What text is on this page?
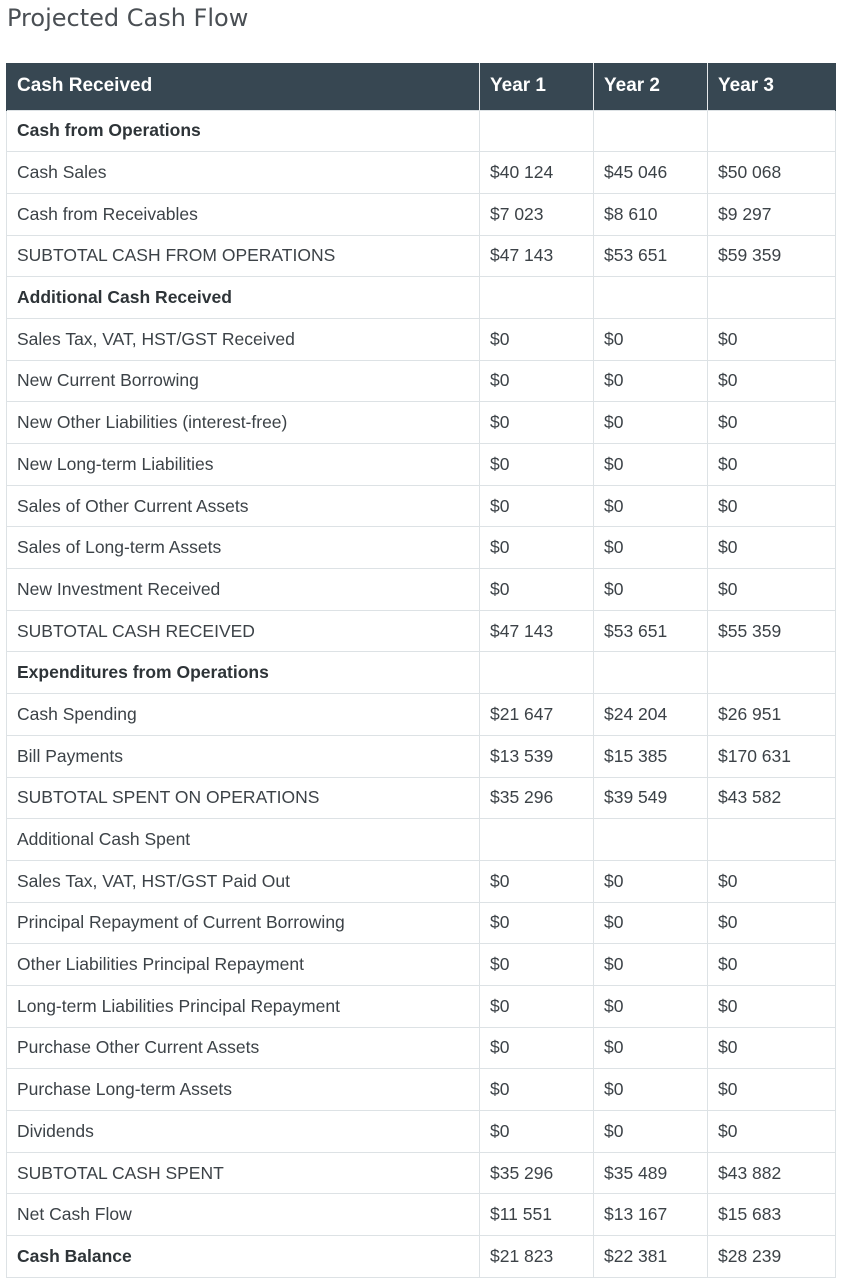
Projected Cash Flow
Cash Received	Year 1	Year 2	Year 3
Cash from Operations			
Cash Sales	$40 124	$45 046	$50 068
Cash from Receivables	$7 023	$8 610	$9 297
SUBTOTAL CASH FROM OPERATIONS	$47 143	$53 651	$59 359
Additional Cash Received			
Sales Tax, VAT, HST/GST Received	$0	$0	$0
New Current Borrowing	$0	$0	$0
New Other Liabilities (interest-free)	$0	$0	$0
New Long-term Liabilities	$0	$0	$0
Sales of Other Current Assets	$0	$0	$0
Sales of Long-term Assets	$0	$0	$0
New Investment Received	$0	$0	$0
SUBTOTAL CASH RECEIVED	$47 143	$53 651	$55 359
Expenditures from Operations			
Cash Spending	$21 647	$24 204	$26 951
Bill Payments	$13 539	$15 385	$170 631
SUBTOTAL SPENT ON OPERATIONS	$35 296	$39 549	$43 582
Additional Cash Spent			
Sales Tax, VAT, HST/GST Paid Out	$0	$0	$0
Principal Repayment of Current Borrowing	$0	$0	$0
Other Liabilities Principal Repayment	$0	$0	$0
Long-term Liabilities Principal Repayment	$0	$0	$0
Purchase Other Current Assets	$0	$0	$0
Purchase Long-term Assets	$0	$0	$0
Dividends	$0	$0	$0
SUBTOTAL CASH SPENT	$35 296	$35 489	$43 882
Net Cash Flow	$11 551	$13 167	$15 683
Cash Balance	$21 823	$22 381	$28 239
